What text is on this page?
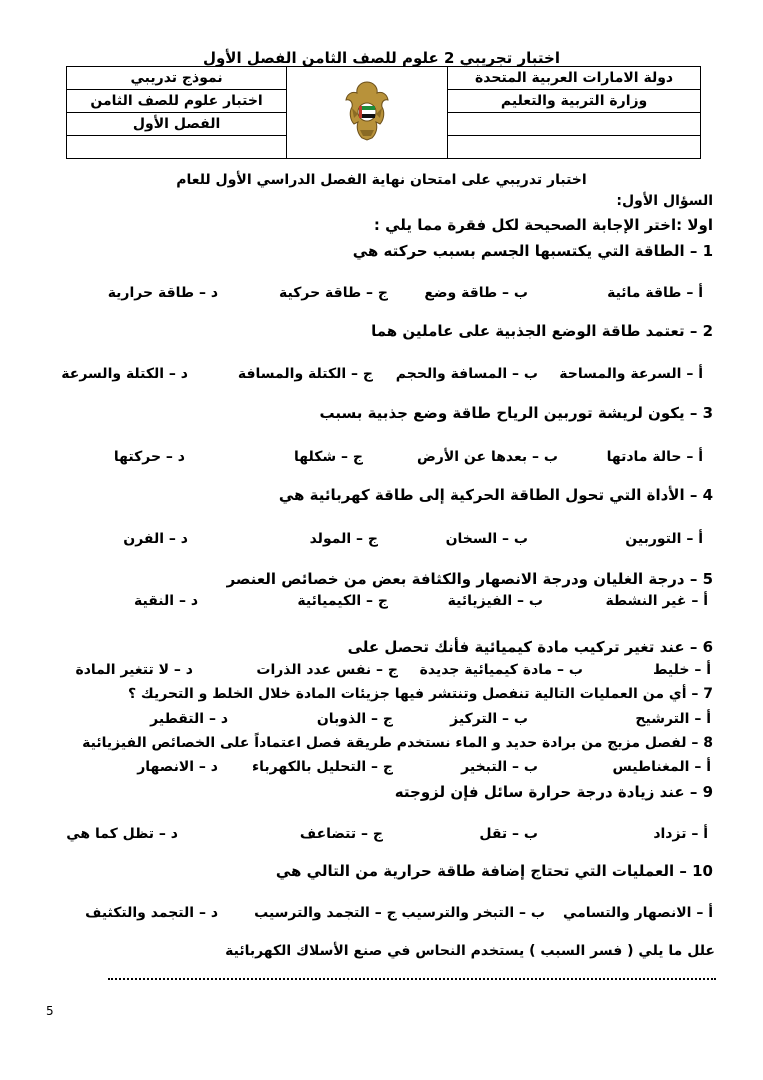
اختبار تجريبي 2 علوم للصف الثامن الفصل الأول
نموذج تدريبي		دولة الامارات العربية المتحدة
اختبار علوم للصف الثامن		وزارة التربية والتعليم
الفصل الأول		

اختبار تدريبي على امتحان نهاية الفصل الدراسي الأول للعام
السؤال الأول:
اولا :اختر الإجابة الصحيحة لكل فقرة مما يلي :
1 – الطاقة التي يكتسبها الجسم بسبب حركته هي
أ – طاقة مائية
ب – طاقة وضع
ج – طاقة حركية
د – طاقة حرارية
2 – تعتمد طاقة الوضع الجذبية على عاملين هما
أ – السرعة والمساحة
ب – المسافة والحجم
ج – الكتلة والمسافة
د – الكتلة والسرعة
3 – يكون لريشة توربين الرياح طاقة وضع جذبية بسبب
أ – حالة مادتها
ب – بعدها عن الأرض
ج – شكلها
د – حركتها
4 – الأداة التي تحول الطاقة الحركية إلى طاقة كهربائية هي
أ – التوربين
ب – السخان
ج – المولد
د – الفرن
5 – درجة الغليان ودرجة الانصهار والكثافة بعض من خصائص العنصر
أ – غير النشطة
ب – الفيزيائية
ج – الكيميائية
د – النقية
6 – عند تغير تركيب مادة كيميائية فأنك تحصل على
أ – خليط
ب – مادة كيميائية جديدة
ج – نفس عدد الذرات
د – لا تتغير المادة
7 – أي من العمليات التالية تنفصل وتنتشر فيها جزيئات المادة خلال الخلط و التحريك ؟
أ – الترشيح
ب – التركيز
ج – الذوبان
د – التقطير
8 – لفصل مزيج من برادة حديد و الماء نستخدم طريقة فصل اعتماداً على الخصائص الفيزيائية
أ – المغناطيس
ب – التبخير
ج – التحليل بالكهرباء
د – الانصهار
9 – عند زيادة درجة حرارة سائل فإن لزوجته
أ – تزداد
ب – تقل
ج – تتضاعف
د – تظل كما هي
10 – العمليات التي تحتاج إضافة طاقة حرارية من التالي هي
أ – الانصهار والتسامي
ب – التبخر والترسيب ج – التجمد والترسيب
د – التجمد والتكثيف
علل ما يلي ( فسر السبب ) يستخدم النحاس في صنع الأسلاك الكهربائية
5
